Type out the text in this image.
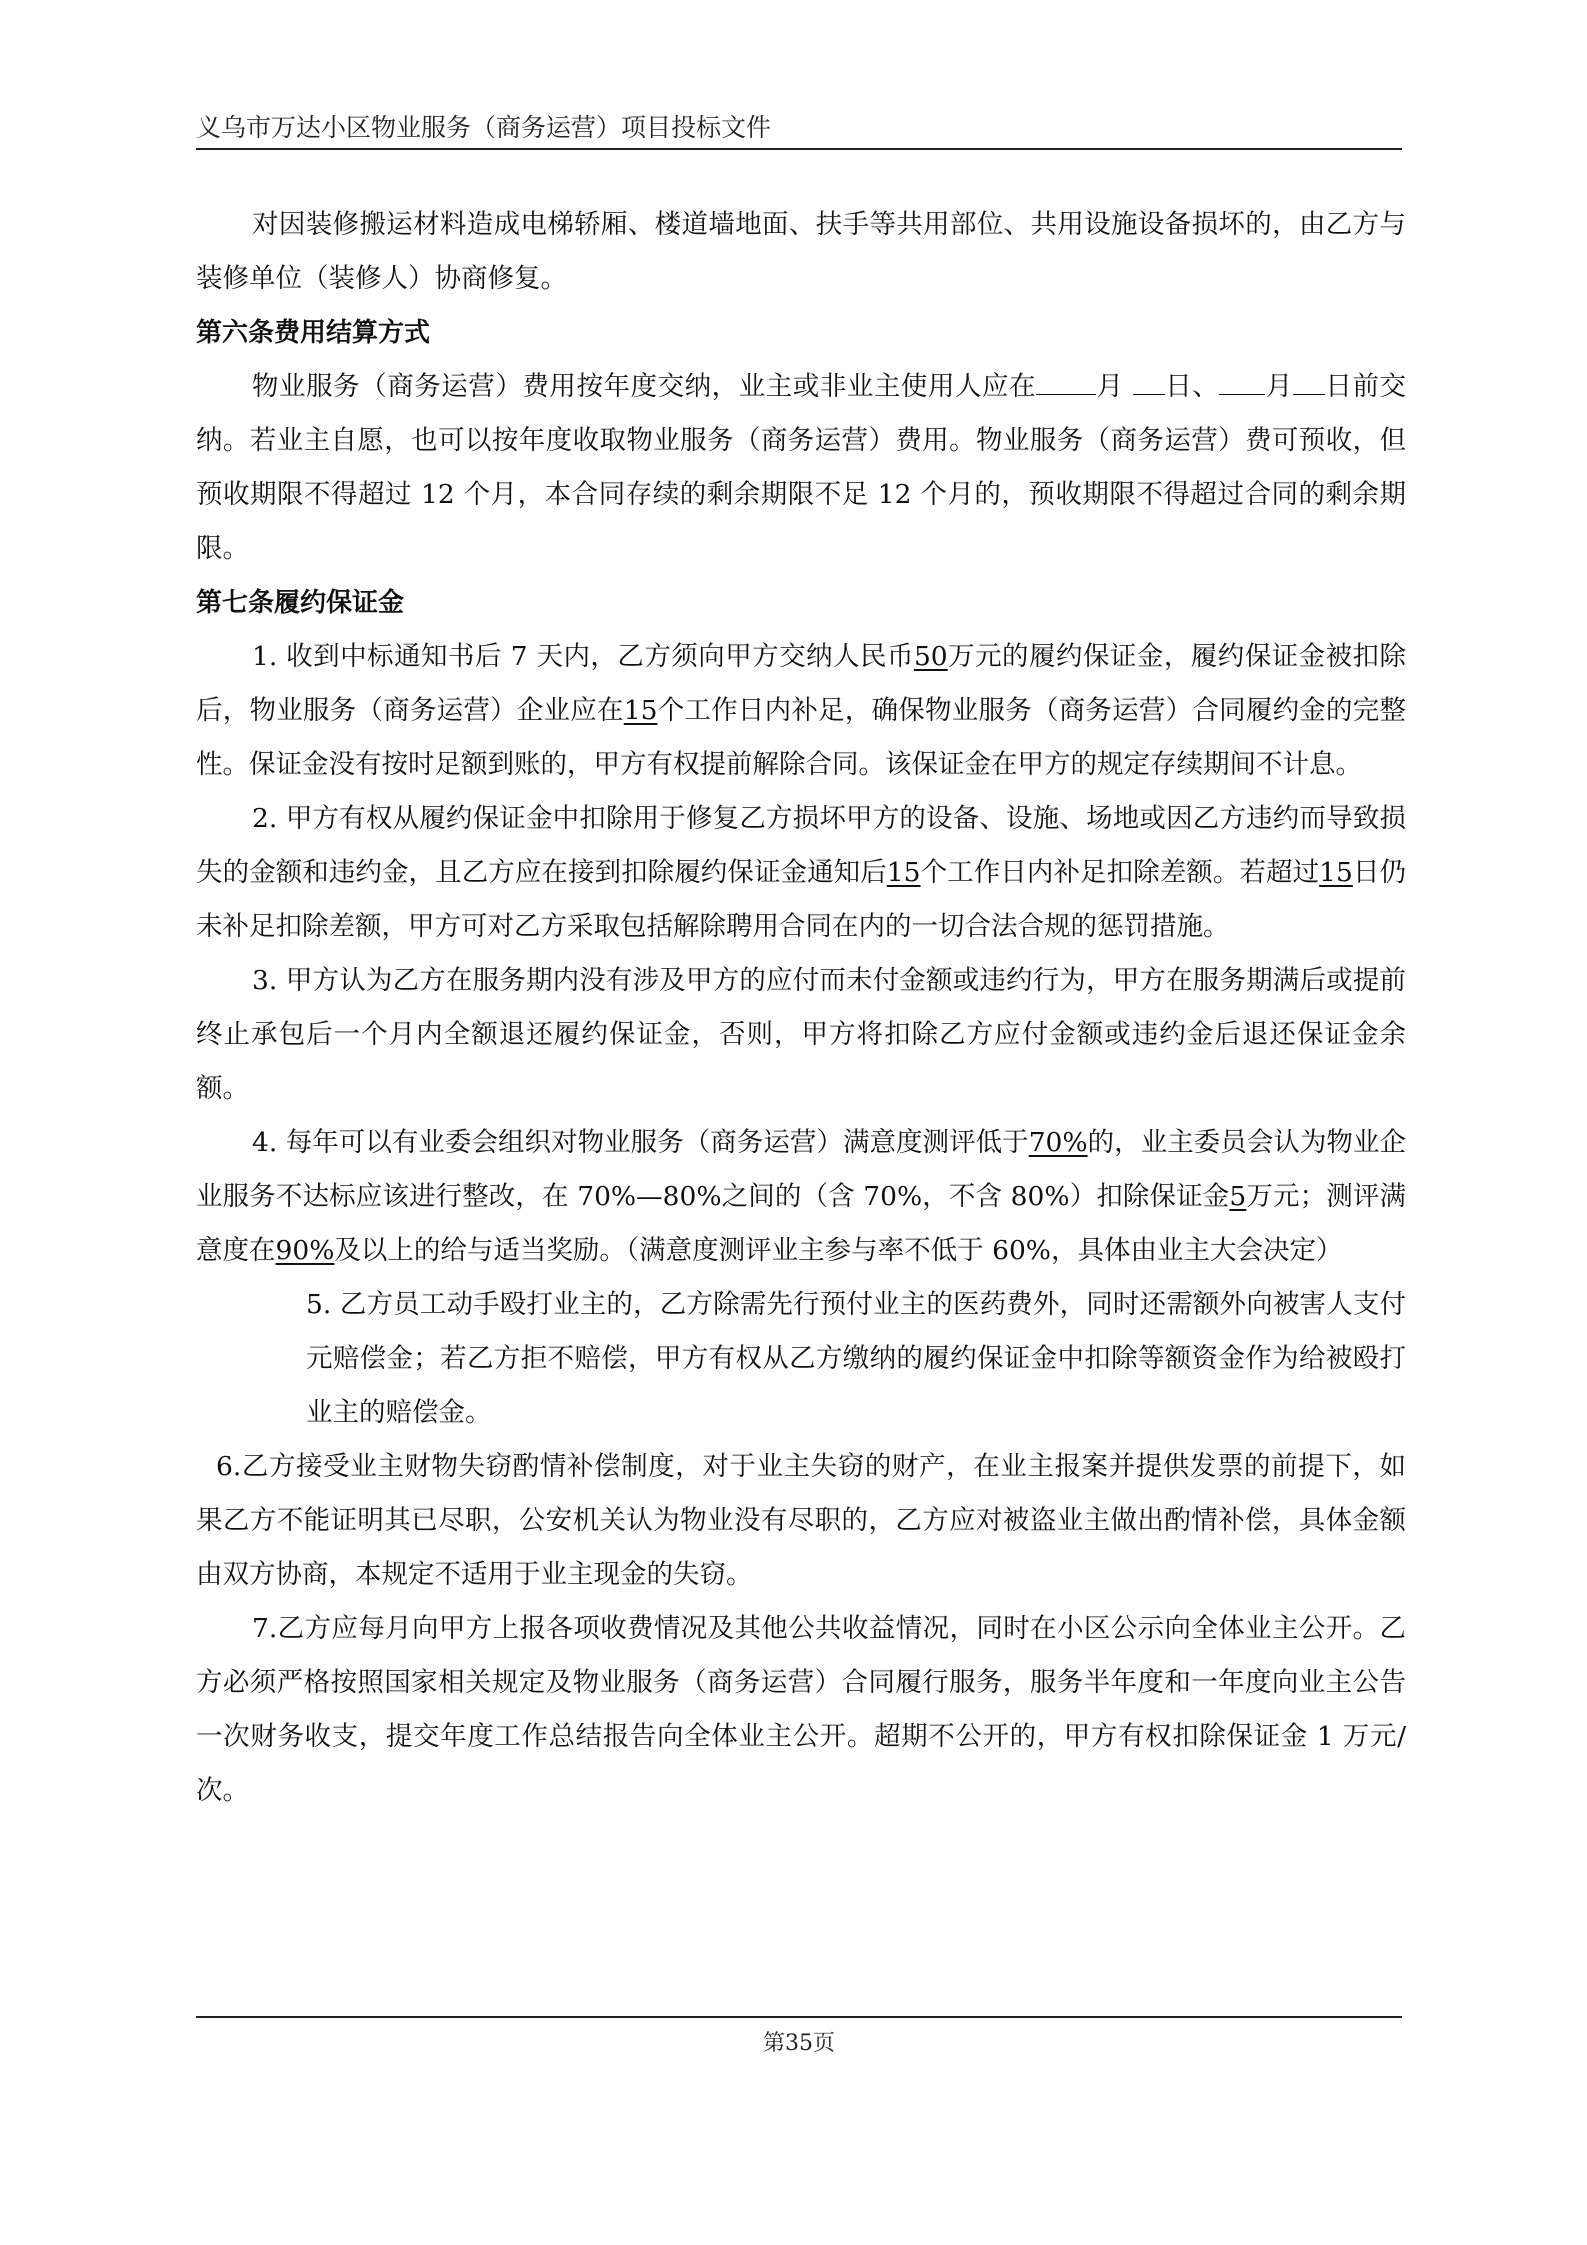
义乌市万达小区物业服务（商务运营）项目投标文件

对因装修搬运材料造成电梯轿厢、楼道墙地面、扶手等共用部位、共用设施设备损坏的，由乙方与装修单位（装修人）协商修复。

第六条费用结算方式

物业服务（商务运营）费用按年度交纳，业主或非业主使用人应在 月 日、 月 日前交纳。若业主自愿，也可以按年度收取物业服务（商务运营）费用。物业服务（商务运营）费可预收，但预收期限不得超过 12 个月，本合同存续的剩余期限不足 12 个月的，预收期限不得超过合同的剩余期限。

第七条履约保证金

1. 收到中标通知书后 7 天内，乙方须向甲方交纳人民币50万元的履约保证金，履约保证金被扣除后，物业服务（商务运营）企业应在15个工作日内补足，确保物业服务（商务运营）合同履约金的完整性。保证金没有按时足额到账的，甲方有权提前解除合同。该保证金在甲方的规定存续期间不计息。

2. 甲方有权从履约保证金中扣除用于修复乙方损坏甲方的设备、设施、场地或因乙方违约而导致损失的金额和违约金，且乙方应在接到扣除履约保证金通知后15个工作日内补足扣除差额。若超过15日仍未补足扣除差额，甲方可对乙方采取包括解除聘用合同在内的一切合法合规的惩罚措施。

3. 甲方认为乙方在服务期内没有涉及甲方的应付而未付金额或违约行为，甲方在服务期满后或提前终止承包后一个月内全额退还履约保证金，否则，甲方将扣除乙方应付金额或违约金后退还保证金余额。

4. 每年可以有业委会组织对物业服务（商务运营）满意度测评低于70%的，业主委员会认为物业企业服务不达标应该进行整改，在 70%—80%之间的（含 70%，不含 80%）扣除保证金5万元；测评满意度在90%及以上的给与适当奖励。（满意度测评业主参与率不低于 60%，具体由业主大会决定）

5. 乙方员工动手殴打业主的，乙方除需先行预付业主的医药费外，同时还需额外向被害人支付元赔偿金；若乙方拒不赔偿，甲方有权从乙方缴纳的履约保证金中扣除等额资金作为给被殴打业主的赔偿金。

6.乙方接受业主财物失窃酌情补偿制度，对于业主失窃的财产，在业主报案并提供发票的前提下，如果乙方不能证明其已尽职，公安机关认为物业没有尽职的，乙方应对被盗业主做出酌情补偿，具体金额由双方协商，本规定不适用于业主现金的失窃。

7.乙方应每月向甲方上报各项收费情况及其他公共收益情况，同时在小区公示向全体业主公开。乙方必须严格按照国家相关规定及物业服务（商务运营）合同履行服务，服务半年度和一年度向业主公告一次财务收支，提交年度工作总结报告向全体业主公开。超期不公开的，甲方有权扣除保证金 1 万元/次。

第35页
